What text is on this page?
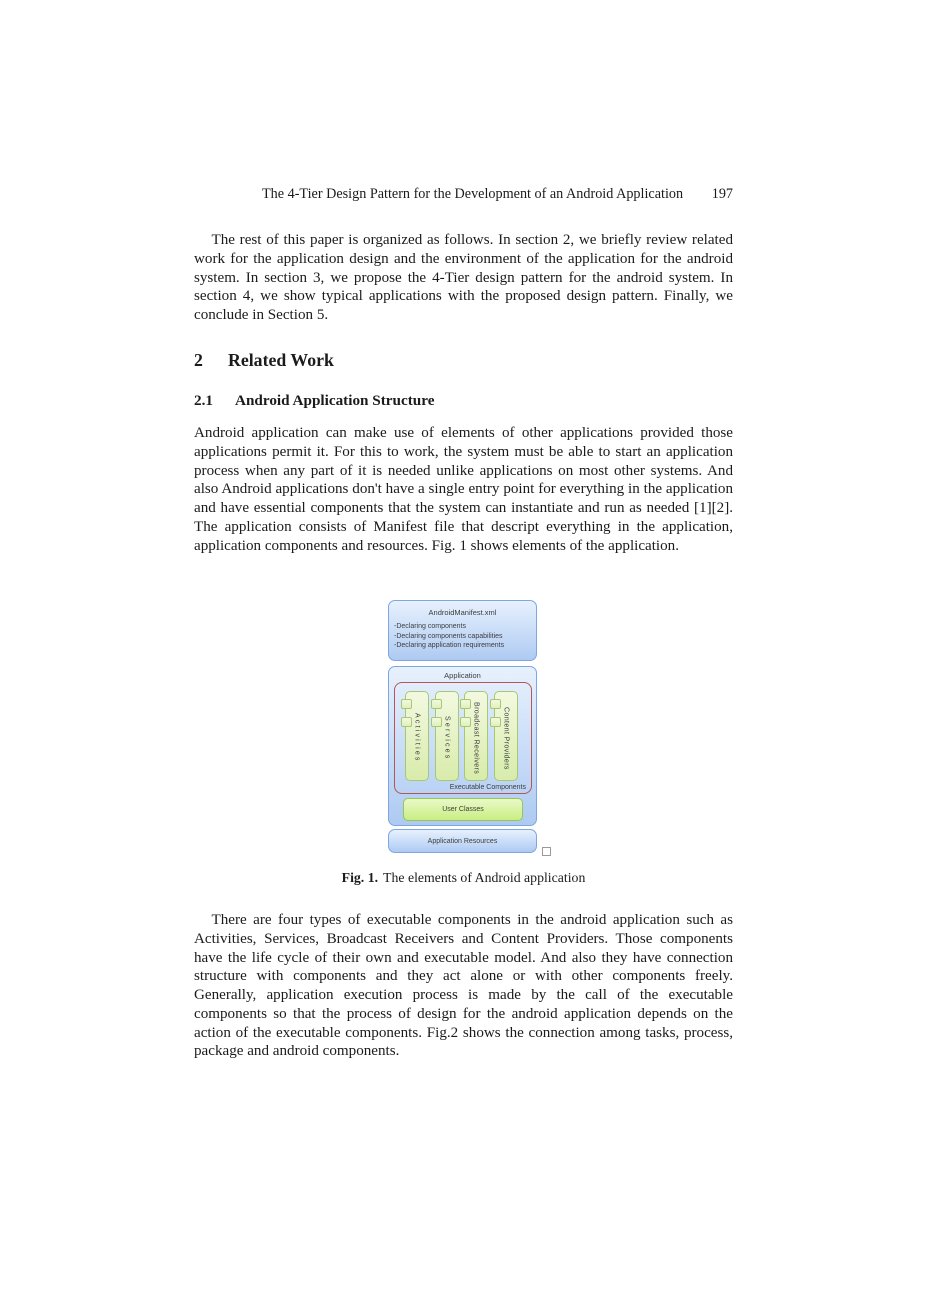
The 4-Tier Design Pattern for the Development of an Android Application 197

The rest of this paper is organized as follows. In section 2, we briefly review related work for the application design and the environment of the application for the android system. In section 3, we propose the 4-Tier design pattern for the android system. In section 4, we show typical applications with the proposed design pattern. Finally, we conclude in Section 5.

2 Related Work
2.1 Android Application Structure

Android application can make use of elements of other applications provided those applications permit it. For this to work, the system must be able to start an application process when any part of it is needed unlike applications on most other systems. And also Android applications don't have a single entry point for everything in the application and have essential components that the system can instantiate and run as needed [1][2]. The application consists of Manifest file that descript everything in the application, application components and resources. Fig. 1 shows elements of the application.

AndroidManifest.xml
-Declaring components
-Declaring components capabilities
-Declaring application requirements
Application
Activities	Services	Broadcast Receivers	Content Providers
Executable Components
User Classes
Application Resources
Fig. 1. The elements of Android application

There are four types of executable components in the android application such as Activities, Services, Broadcast Receivers and Content Providers. Those components have the life cycle of their own and executable model. And also they have connection structure with components and they act alone or with other components freely. Generally, application execution process is made by the call of the executable components so that the process of design for the android application depends on the action of the executable components. Fig.2 shows the connection among tasks, process, package and android components.
